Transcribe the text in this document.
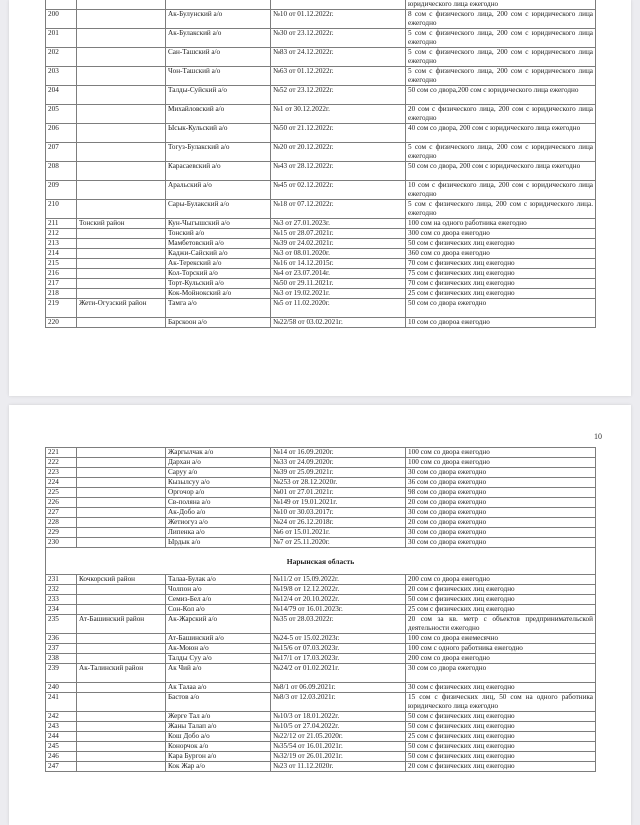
				юридического лица ежегодно
200		Ак-Булунский а/о	№10 от 01.12.2022г.	8 сом с физического лица, 200 сом с юридического лица ежегодно
201		Ак-Булакский а/о	№30 от 23.12.2022г.	5 сом с физического лица, 200 сом с юридического лица ежегодно
202		Сан-Ташский а/о	№83 от 24.12.2022г.	5 сом с физического лица, 200 сом с юридического лица ежегодно
203		Чон-Ташский а/о	№63 от 01.12.2022г.	5 сом с физического лица, 200 сом с юридического лица ежегодно
204		Талды-Суйский а/о	№52 от 23.12.2022г.	50 сом со двора,200 сом с юридического лица ежегодно
205		Михайловский а/о	№1 от 30.12.2022г.	20 сом с физического лица, 200 сом с юридического лица ежегодно
206		Ысык-Кульский а/о	№50 от 21.12.2022г.	40 сом со двора, 200 сом с юридического лица ежегодно
207		Тогуз-Булакский а/о	№20 от 20.12.2022г.	5 сом с физического лица, 200 сом с юридического лица ежегодно
208		Карасаевский а/о	№43 от 28.12.2022г.	50 сом со двора, 200 сом с юридического лица ежегодно
209		Аральский а/о	№45 от 02.12.2022г.	10 сом с физического лица, 200 сом с юридического лица ежегодно
210		Сары-Булакский а/о	№18 от 07.12.2022г.	5 сом с физического лица, 200 сом с юридического лица. ежегодно
211	Тонский район	Кун-Чыгышский а/о	№3 от 27.01.2023г.	100 сом на одного работника ежегодно
212		Тонский а/о	№15 от 28.07.2021г.	300 сом со двора ежегодно
213		Мамбетовский а/о	№39 от 24.02.2021г.	50 сом с физических лиц ежегодно
214		Каджи-Сайский а/о	№3 от 08.01.2020г.	360 сом со двора ежегодно
215		Ак-Терекский а/о	№16 от 14.12.2015г.	70 сом с физических лиц ежегодно
216		Кол-Торский а/о	№4 от 23.07.2014г.	75 сом с физических лиц ежегодно
217		Торт-Кульский а/о	№50 от 29.11.2021г.	70 сом с физических лиц ежегодно
218		Кок-Мойнокский а/о	№3 от 19.02.2021г.	25 сом с физических лиц ежегодно
219	Жети-Огузский район	Тамга а/о	№5 от 11.02.2020г.	50 сом со двора ежегодно
220		Барскоон а/о	№22/58 от 03.02.2021г.	10 сом со двороа ежегодно
10
221		Жаргылчак а/о	№14 от 16.09.2020г.	100 сом со двора ежегодно
222		Дархан а/о	№33 от 24.09.2020г.	100 сом со двора ежегодно
223		Саруу а/о	№39 от 25.09.2021г.	30 сом со двора ежегодно
224		Кызылсуу а/о	№253 от 28.12.2020г.	36 сом со двора ежегодно
225		Оргочор а/о	№01 от 27.01.2021г.	98 сом со двора ежегодно
226		Св-поляна а/о	№149 от 19.01.2021г.	20 сом со двора ежегодно
227		Ак-Добо а/о	№10 от 30.03.2017г.	30 сом со двора ежегодно
228		Жетиогуз а/о	№24 от 26.12.2018г.	20 сом со двора ежегодно
229		Липенка а/о	№6 от 15.01.2021г.	30 сом со двора ежегодно
230		Ырдык а/о	№7 от 25.11.2020г.	30 сом со двора ежегодно
Нарынская область				
231	Кочкорский район	Талаа-Булак а/о	№11/2 от 15.09.2022г.	200 сом со двора ежегодно
232		Чолпон а/о	№19/8 от 12.12.2022г.	20 сом с физических лиц ежегодно
233		Семиз-Бел а/о	№12/4 от 20.10.2022г.	50 сом с физических лиц ежегодно
234		Сон-Кол а/о	№14/79 от 16.01.2023г.	25 сом с физических лиц ежегодно
235	Ат-Башинский район	Ак-Жарский а/о	№35 от 28.03.2022г.	20 сом за кв. метр с объектов предпринимательской деятельности ежегодно
236		Ат-Башинский а/о	№24-5 от 15.02.2023г.	100 сом со двора ежемесячно
237		Ак-Моюн а/о	№15/6 от 07.03.2023г.	100 сом с одного работника ежегодно
238		Талды Суу а/о	№17/1 от 17.03.2023г.	200 сом со двора ежегодно
239	Ак-Талинский район	Ак Чий а/о	№24/2 от 01.02.2021г.	30 сом со двора ежегодно
240		Ак Талаа а/о	№8/1 от 06.09.2021г.	30 сом с физических лиц ежегодно
241		Бастов а/о	№8/3 от 12.03.2021г.	15 сом с физических лиц, 50 сом на одного работника юридического лица ежегодно
242		Жерге Тал а/о	№10/3 от 18.01.2022г.	50 сом с физических лиц ежегодно
243		Жаны Талап а/о	№10/5 от 27.04.2022г.	50 сом с физических лиц ежегодно
244		Кош Добо а/о	№22/12 от 21.05.2020г.	25 сом с физических лиц ежегодно
245		Конорчок а/о	№35/54 от 16.01.2021г.	50 сом с физических лиц ежегодно
246		Кара Бургон а/о	№32/19 от 26.01.2021г.	50 сом с физических лиц ежегодно
247		Кок Жар а/о	№23 от 11.12.2020г.	20 сом с физических лиц ежегодно
